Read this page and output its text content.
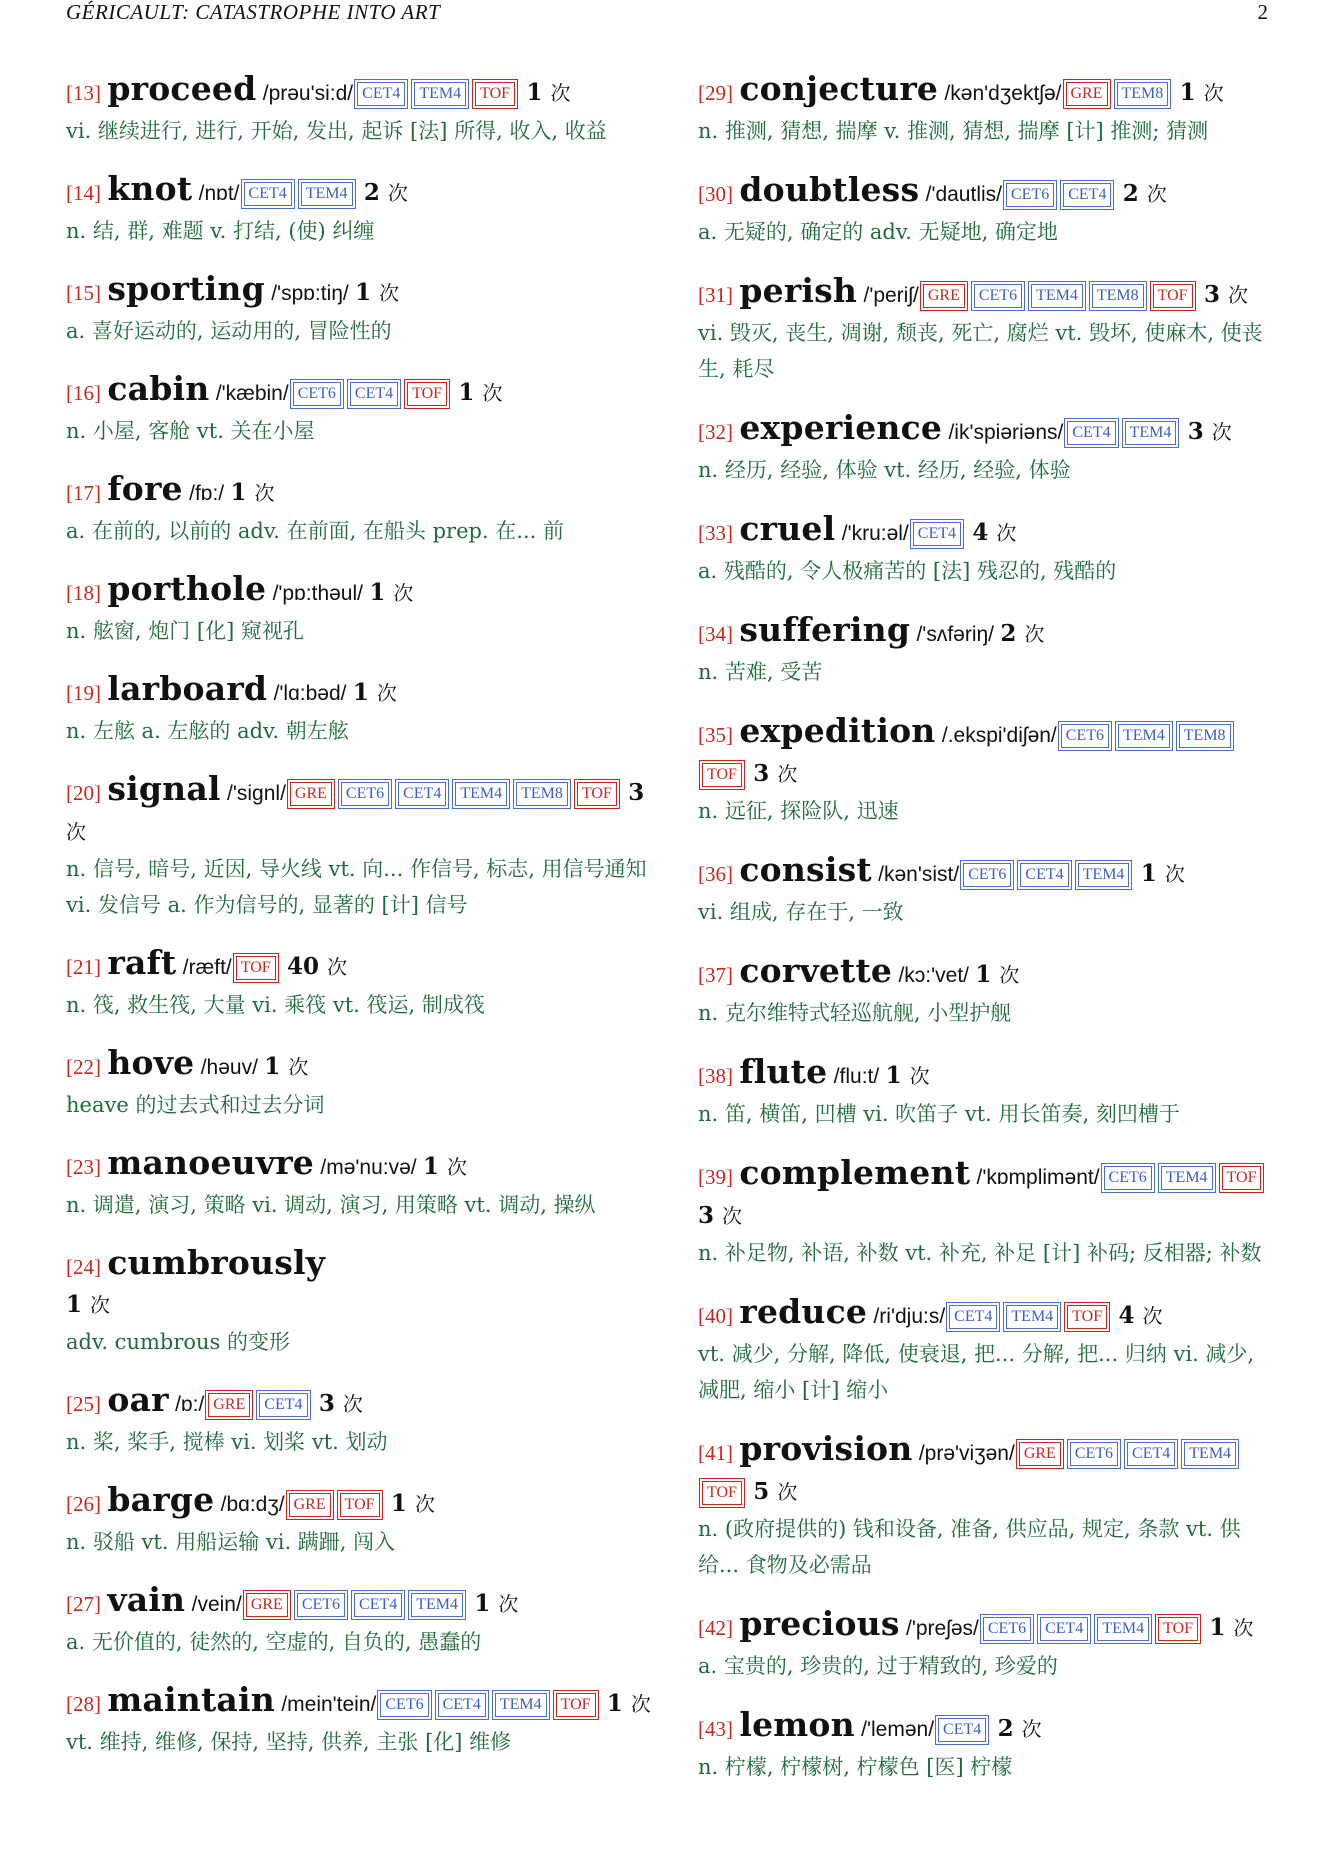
GÉRICAULT: CATASTROPHE INTO ART	2
[13] proceed /prəu'si:d/ CET4 TEM4 TOF 1 次
vi. 继续进行, 进行, 开始, 发出, 起诉 [法] 所得, 收入, 收益
[14] knot /nɒt/ CET4 TEM4 2 次
n. 结, 群, 难题 v. 打结, (使) 纠缠
[15] sporting /'spɒ:tiŋ/ 1 次
a. 喜好运动的, 运动用的, 冒险性的
[16] cabin /'kæbin/ CET6 CET4 TOF 1 次
n. 小屋, 客舱 vt. 关在小屋
[17] fore /fɒ:/ 1 次
a. 在前的, 以前的 adv. 在前面, 在船头 prep. 在... 前
[18] porthole /'pɒ:thəul/ 1 次
n. 舷窗, 炮门 [化] 窥视孔
[19] larboard /'lɑ:bəd/ 1 次
n. 左舷 a. 左舷的 adv. 朝左舷
[20] signal /'signl/ GRE CET6 CET4 TEM4 TEM8 TOF 3 次
n. 信号, 暗号, 近因, 导火线 vt. 向... 作信号, 标志, 用信号通知 vi. 发信号 a. 作为信号的, 显著的 [计] 信号
[21] raft /ræft/ TOF 40 次
n. 筏, 救生筏, 大量 vi. 乘筏 vt. 筏运, 制成筏
[22] hove /həuv/ 1 次
heave 的过去式和过去分词
[23] manoeuvre /mə'nu:və/ 1 次
n. 调遣, 演习, 策略 vi. 调动, 演习, 用策略 vt. 调动, 操纵
[24] cumbrously
1 次
adv. cumbrous 的变形
[25] oar /ɒ:/ GRE CET4 3 次
n. 桨, 桨手, 搅棒 vi. 划桨 vt. 划动
[26] barge /bɑ:dʒ/ GRE TOF 1 次
n. 驳船 vt. 用船运输 vi. 蹒跚, 闯入
[27] vain /vein/ GRE CET6 CET4 TEM4 1 次
a. 无价值的, 徒然的, 空虚的, 自负的, 愚蠢的
[28] maintain /mein'tein/ CET6 CET4 TEM4 TOF 1 次
vt. 维持, 维修, 保持, 坚持, 供养, 主张 [化] 维修
[29] conjecture /kən'dʒektʃə/ GRE TEM8 1 次
n. 推测, 猜想, 揣摩 v. 推测, 猜想, 揣摩 [计] 推测; 猜测
[30] doubtless /'dautlis/ CET6 CET4 2 次
a. 无疑的, 确定的 adv. 无疑地, 确定地
[31] perish /'periʃ/ GRE CET6 TEM4 TEM8 TOF 3 次
vi. 毁灭, 丧生, 凋谢, 颓丧, 死亡, 腐烂 vt. 毁坏, 使麻木, 使丧生, 耗尽
[32] experience /ik'spiəriəns/ CET4 TEM4 3 次
n. 经历, 经验, 体验 vt. 经历, 经验, 体验
[33] cruel /'kru:əl/ CET4 4 次
a. 残酷的, 令人极痛苦的 [法] 残忍的, 残酷的
[34] suffering /'sʌfəriŋ/ 2 次
n. 苦难, 受苦
[35] expedition /.ekspi'diʃən/ CET6 TEM4 TEM8TOF 3 次
n. 远征, 探险队, 迅速
[36] consist /kən'sist/ CET6 CET4 TEM4 1 次
vi. 组成, 存在于, 一致
[37] corvette /kɔ:'vet/ 1 次
n. 克尔维特式轻巡航舰, 小型护舰
[38] flute /flu:t/ 1 次
n. 笛, 横笛, 凹槽 vi. 吹笛子 vt. 用长笛奏, 刻凹槽于
[39] complement /'kɒmplimənt/ CET6 TEM4 TOF 3 次
n. 补足物, 补语, 补数 vt. 补充, 补足 [计] 补码; 反相器; 补数
[40] reduce /ri'dju:s/ CET4 TEM4 TOF 4 次
vt. 减少, 分解, 降低, 使衰退, 把... 分解, 把... 归纳 vi. 减少, 减肥, 缩小 [计] 缩小
[41] provision /prə'viʒən/ GRE CET6 CET4 TEM4TOF 5 次
n. (政府提供的) 钱和设备, 准备, 供应品, 规定, 条款 vt. 供给... 食物及必需品
[42] precious /'preʃəs/ CET6 CET4 TEM4 TOF 1 次
a. 宝贵的, 珍贵的, 过于精致的, 珍爱的
[43] lemon /'lemən/ CET4 2 次
n. 柠檬, 柠檬树, 柠檬色 [医] 柠檬
